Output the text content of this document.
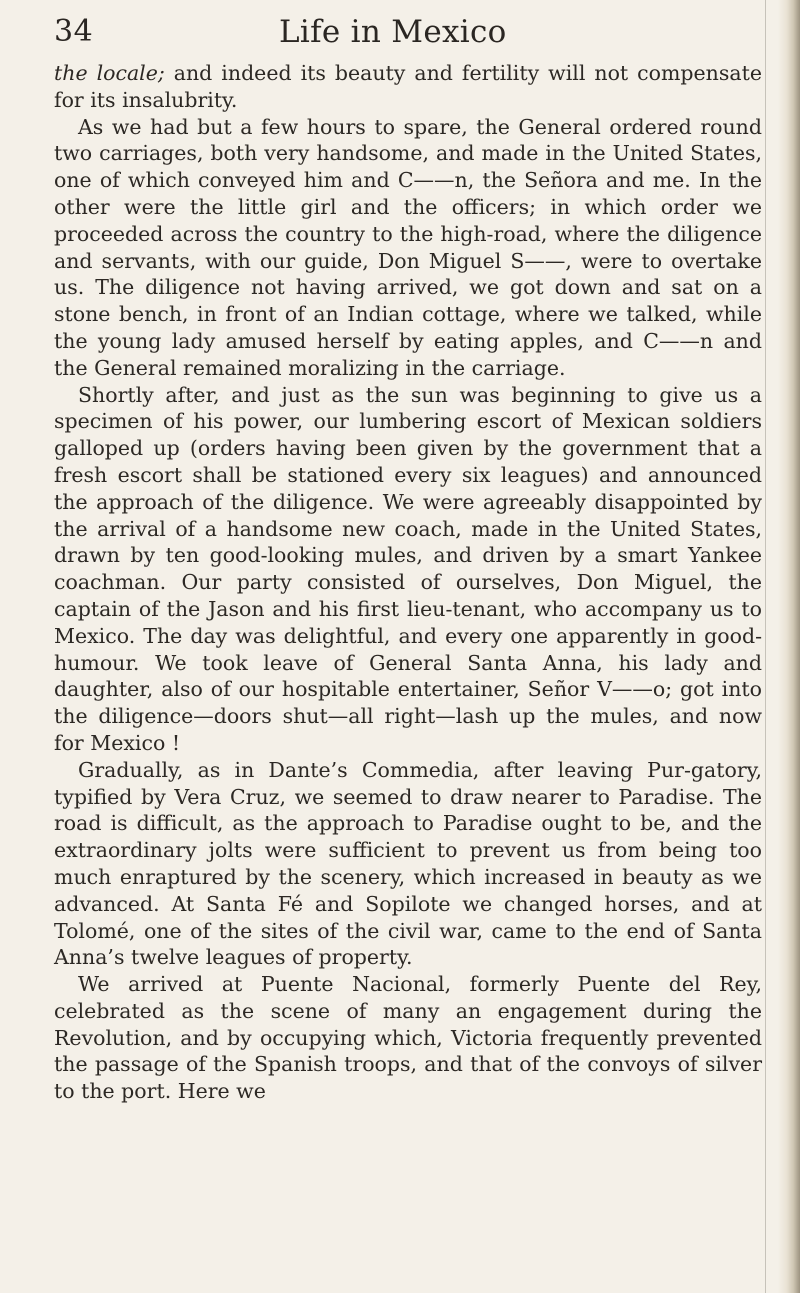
34	Life in Mexico

the locale; and indeed its beauty and fertility will not compensate for its insalubrity.

As we had but a few hours to spare, the General ordered round two carriages, both very handsome, and made in the United States, one of which conveyed him and C——n, the Señora and me. In the other were the little girl and the officers; in which order we proceeded across the country to the high-road, where the diligence and servants, with our guide, Don Miguel S——, were to overtake us. The diligence not having arrived, we got down and sat on a stone bench, in front of an Indian cottage, where we talked, while the young lady amused herself by eating apples, and C——n and the General remained moralizing in the carriage.

Shortly after, and just as the sun was beginning to give us a specimen of his power, our lumbering escort of Mexican soldiers galloped up (orders having been given by the government that a fresh escort shall be stationed every six leagues) and announced the approach of the diligence. We were agreeably disappointed by the arrival of a handsome new coach, made in the United States, drawn by ten good-looking mules, and driven by a smart Yankee coachman. Our party consisted of ourselves, Don Miguel, the captain of the Jason and his first lieu-tenant, who accompany us to Mexico. The day was delightful, and every one apparently in good-humour. We took leave of General Santa Anna, his lady and daughter, also of our hospitable entertainer, Señor V——o; got into the diligence—doors shut—all right—lash up the mules, and now for Mexico !

Gradually, as in Dante’s Commedia, after leaving Pur-gatory, typified by Vera Cruz, we seemed to draw nearer to Paradise. The road is difficult, as the approach to Paradise ought to be, and the extraordinary jolts were sufficient to prevent us from being too much enraptured by the scenery, which increased in beauty as we advanced. At Santa Fé and Sopilote we changed horses, and at Tolomé, one of the sites of the civil war, came to the end of Santa Anna’s twelve leagues of property.

We arrived at Puente Nacional, formerly Puente del Rey, celebrated as the scene of many an engagement during the Revolution, and by occupying which, Victoria frequently prevented the passage of the Spanish troops, and that of the convoys of silver to the port. Here we
